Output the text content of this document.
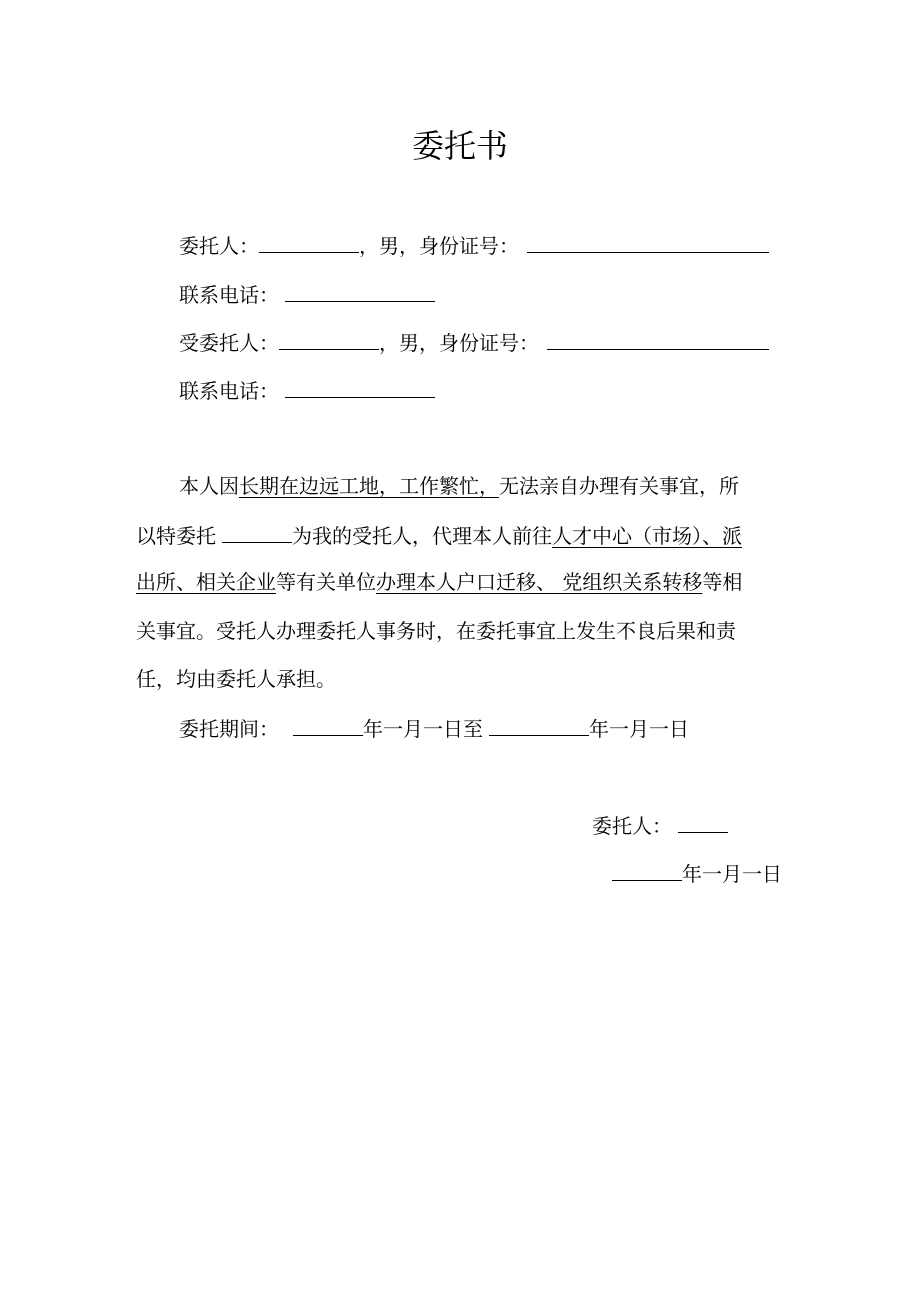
委托书
委托人：	，男，身份证号：
联系电话：
受委托人：	，男，身份证号：
联系电话：
本人因长期在边远工地，工作繁忙，无法亲自办理有关事宜，所
以特委托	为我的受托人，代理本人前往人才中心（市场）、派
出所、相关企业等有关单位办理本人户口迁移、 党组织关系转移等相
关事宜。受托人办理委托人事务时，在委托事宜上发生不良后果和责
任，均由委托人承担。
委托期间：	年一月一日至	年一月一日
委托人：
年一月一日
